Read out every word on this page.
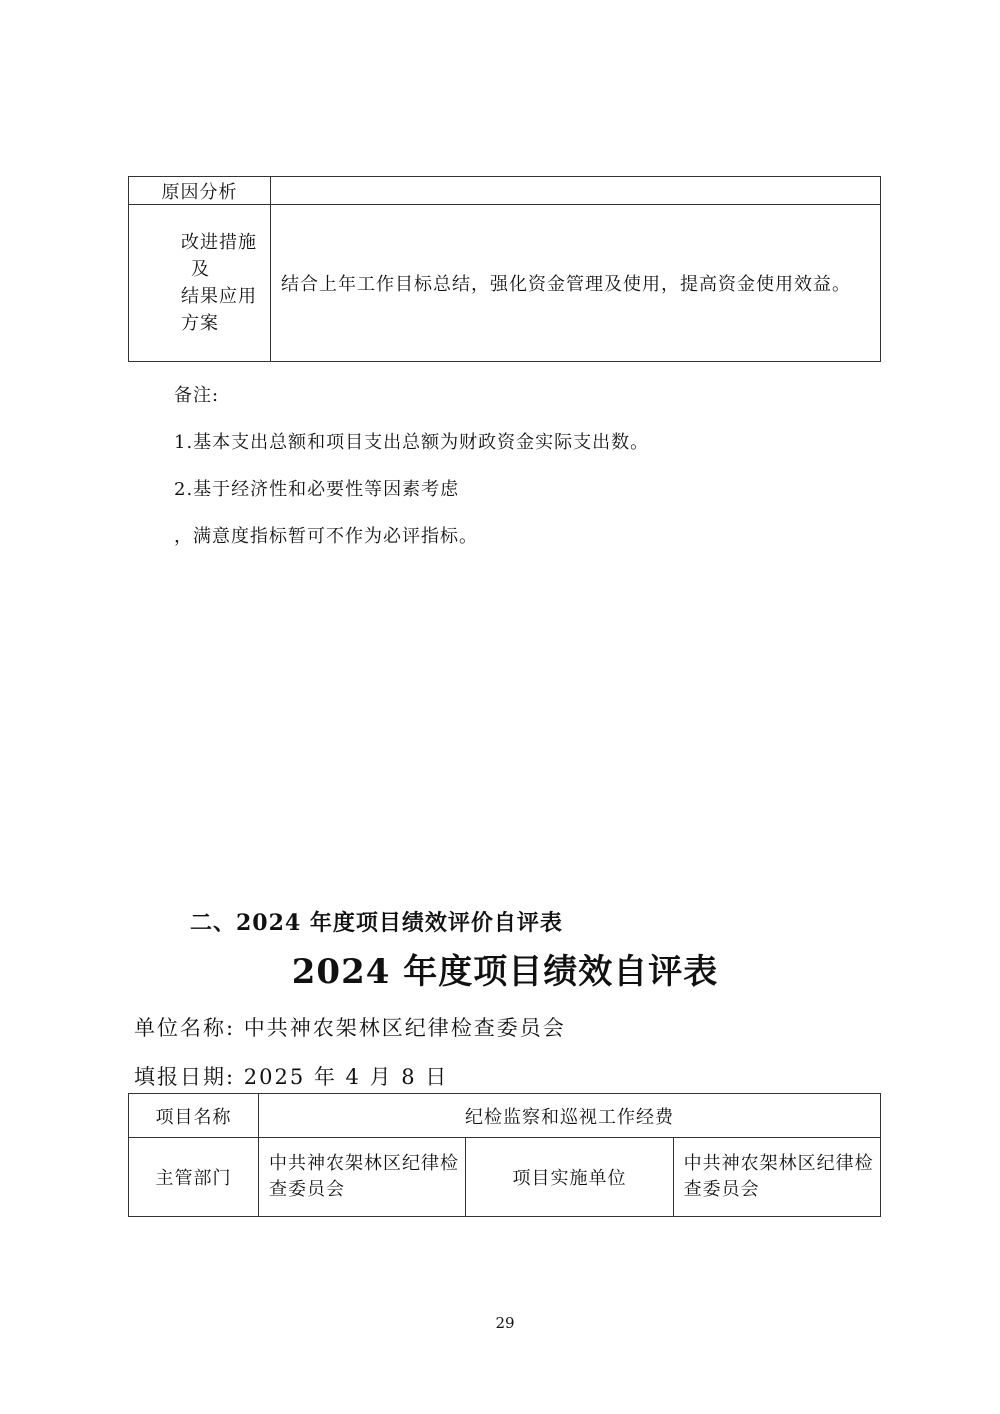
原因分析	

改进措施
及
结果应用
方案	结合上年工作目标总结，强化资金管理及使用，提高资金使用效益。
备注:
1.基本支出总额和项目支出总额为财政资金实际支出数。
2.基于经济性和必要性等因素考虑
，满意度指标暂可不作为必评指标。
二、2024 年度项目绩效评价自评表
2024 年度项目绩效自评表
单位名称: 中共神农架林区纪律检查委员会
填报日期: 2025 年 4 月 8 日
项目名称	纪检监察和巡视工作经费		
主管部门	中共神农架林区纪律检查委员会	项目实施单位	中共神农架林区纪律检查委员会
29
